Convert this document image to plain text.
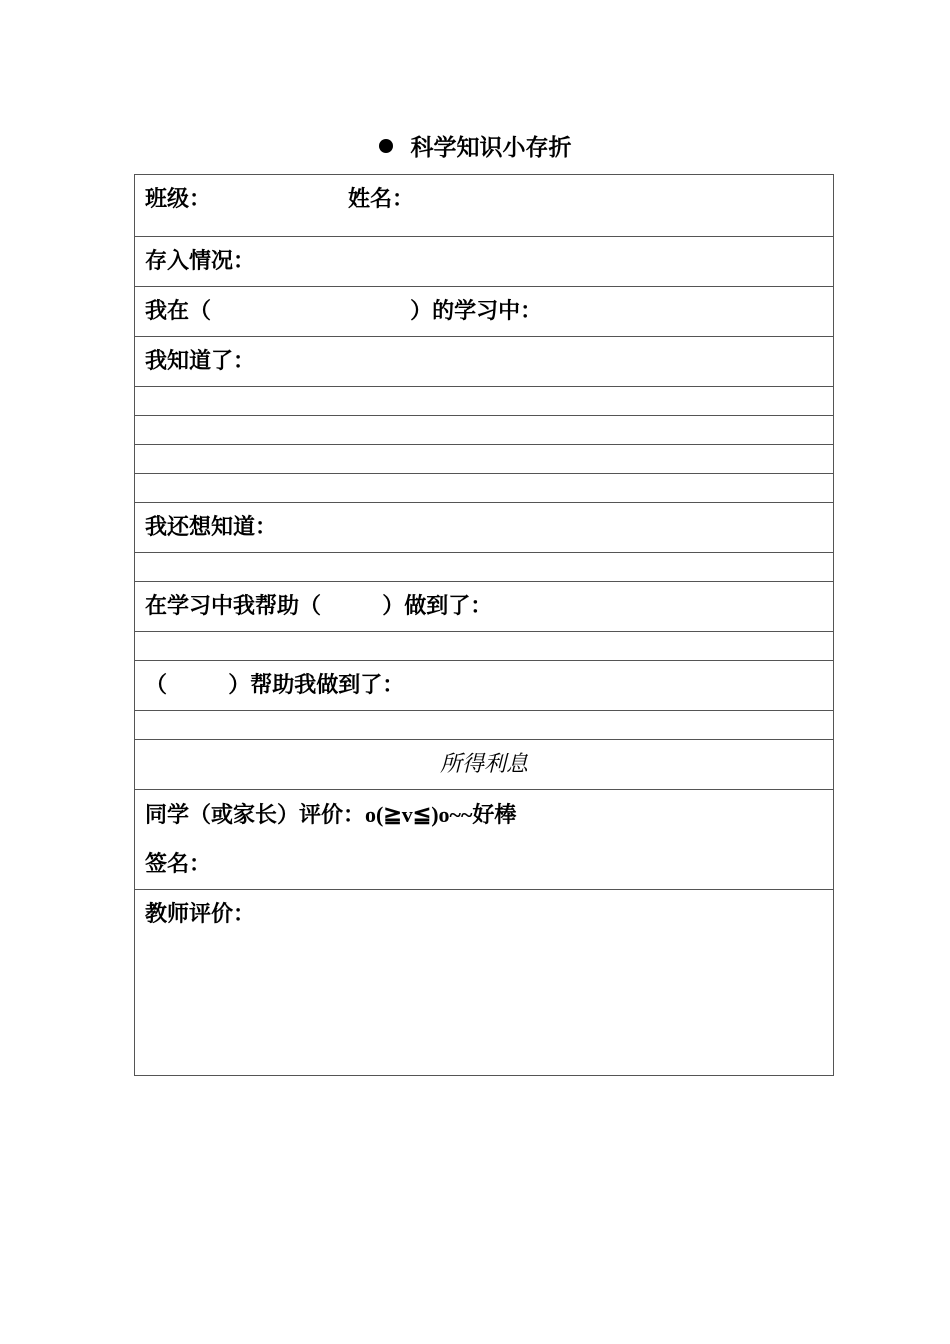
科学知识小存折
班级：	姓名：
存入情况：
我在（                          ）的学习中：
我知道了：
我还想知道：
在学习中我帮助（        ）做到了：
（        ）帮助我做到了：
所得利息
同学（或家长）评价：o(≧v≦)o~~好棒
签名：
教师评价：
